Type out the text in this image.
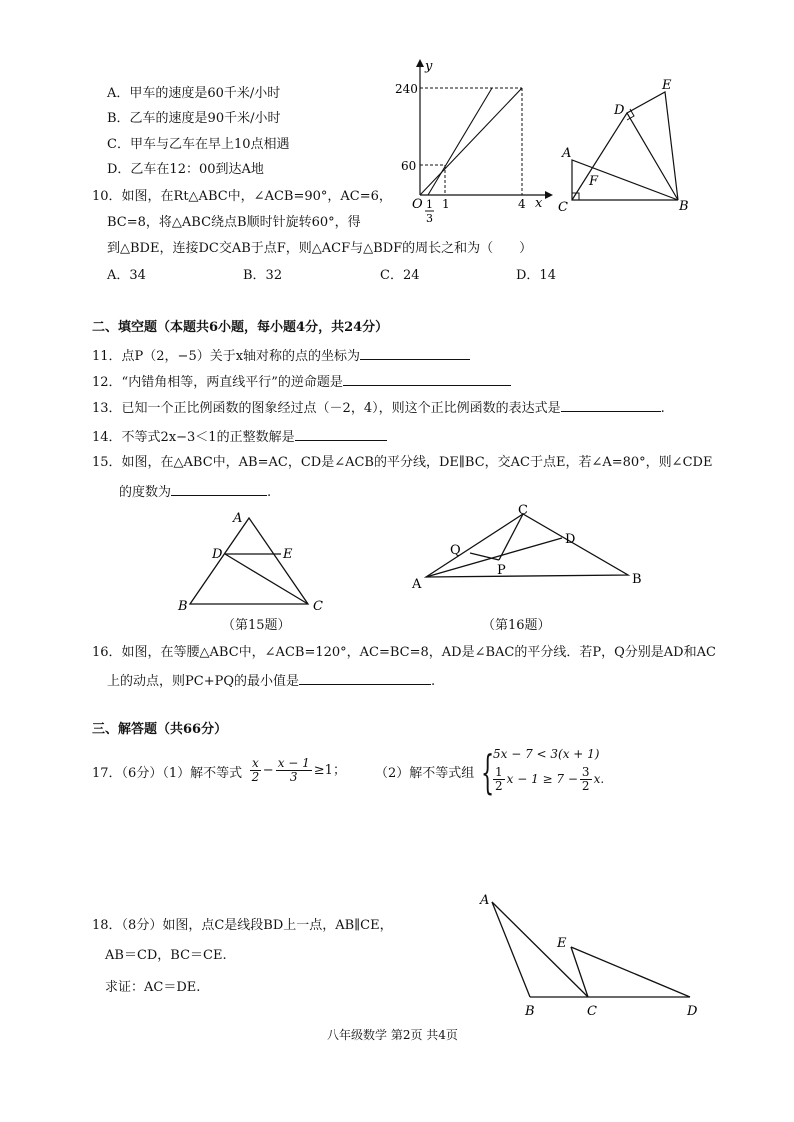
A．甲车的速度是60千米/小时
B．乙车的速度是90千米/小时
C．甲车与乙车在早上10点相遇
D．乙车在12：00到达A地
y
x
240
60
O 1	4
1
3
A
B
C
D
E
F
10．如图，在Rt△ABC中，∠ACB=90°，AC=6，
BC=8，将△ABC绕点B顺时针旋转60°，得
到△BDE，连接DC交AB于点F，则△ACF与△BDF的周长之和为（　　）
A．34	B．32	C．24	D．14
二、填空题（本题共6小题，每小题4分，共24分）
11．点P（2，−5）关于x轴对称的点的坐标为
12．“内错角相等，两直线平行”的逆命题是
13．已知一个正比例函数的图象经过点（－2，4），则这个正比例函数的表达式是	.
14．不等式2x−3＜1的正整数解是
15．如图，在△ABC中，AB=AC，CD是∠ACB的平分线，DE∥BC，交AC于点E，若∠A=80°，则∠CDE
的度数为	.
A
B	C
D	E
（第15题）
A	B
C
D
P
Q
（第16题）
16．如图，在等腰△ABC中，∠ACB=120°，AC=BC=8，AD是∠BAC的平分线．若P，Q分别是AD和AC
上的动点，则PC+PQ的最小值是	.
三、解答题（共66分）
17．（6分）（1）解不等式 $\frac{x}{2} - \frac{x - 1}{3} \ge 1$； （2）解不等式组 {
5x − 7 < 3(x + 1)
$\frac{1}{2}$ $x - 1 \ge 7 - \frac{3}{2} x$.
18．（8分）如图，点C是线段BD上一点，AB∥CE，
AB＝CD，BC＝CE.
求证：AC＝DE.
A
B	C	D
E
八年级数学 第2页 共4页
